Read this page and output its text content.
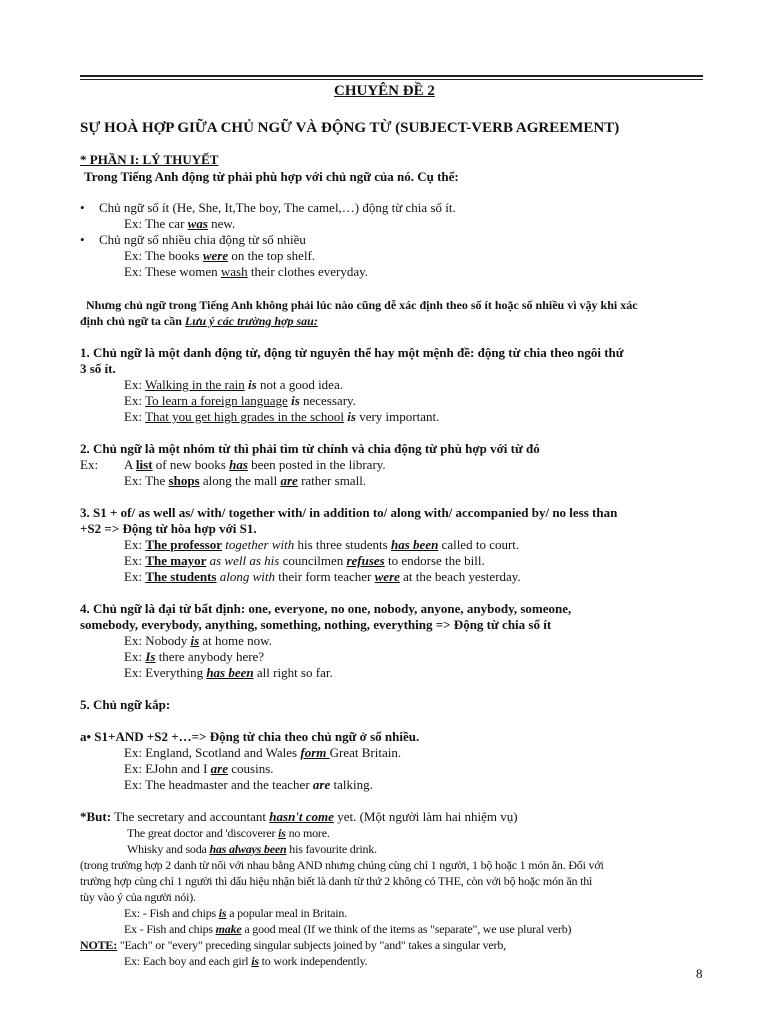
CHUYÊN ĐỀ 2
SỰ HOÀ HỢP GIỮA CHỦ NGỮ VÀ ĐỘNG TỪ (SUBJECT-VERB AGREEMENT)
* PHẦN I: LÝ THUYẾT
Trong Tiếng Anh động từ phải phù hợp với chủ ngữ của nó. Cụ thể:
• Chủ ngữ số ít (He, She, It,The boy, The camel,…) động từ chia số ít.
Ex: The car was new.
• Chủ ngữ số nhiều chia động từ số nhiều
Ex: The books were on the top shelf.
Ex: These women wash their clothes everyday.
Nhưng chủ ngữ trong Tiếng Anh không phải lúc nào cũng dễ xác định theo số ít hoặc số nhiều vì vậy khi xác
định chủ ngữ ta cần Lưu ý các trường hợp sau:
1. Chủ ngữ là một danh động từ, động từ nguyên thể hay một mệnh đề: động từ chia theo ngôi thứ
3 số ít.
Ex: Walking in the rain is not a good idea.
Ex: To learn a foreign language is necessary.
Ex: That you get high grades in the school is very important.
2. Chủ ngữ là một nhóm từ thì phải tìm từ chính và chia động từ phù hợp với từ đó
Ex: A list of new books has been posted in the library.
Ex: The shops along the mall are rather small.
3. S1 + of/ as well as/ with/ together with/ in addition to/ along with/ accompanied by/ no less than
+S2 => Động từ hòa hợp với S1.
Ex: The professor together with his three students has been called to court.
Ex: The mayor as well as his councilmen refuses to endorse the bill.
Ex: The students along with their form teacher were at the beach yesterday.
4. Chủ ngữ là đại từ bất định: one, everyone, no one, nobody, anyone, anybody, someone,
somebody, everybody, anything, something, nothing, everything => Động từ chia số ít
Ex: Nobody is at home now.
Ex: Is there anybody here?
Ex: Everything has been all right so far.
5. Chủ ngữ kắp:
a• S1+AND +S2 +…=> Động từ chia theo chủ ngữ ở số nhiều.
Ex: England, Scotland and Wales form Great Britain.
Ex: EJohn and I are cousins.
Ex: The headmaster and the teacher are talking.
*But: The secretary and accountant hasn't come yet. (Một người làm hai nhiệm vụ)
The great doctor and 'discoverer is no more.
Whisky and soda has always been his favourite drink.
(trong trường hợp 2 danh từ nối với nhau bằng AND nhưng chúng cùng chỉ 1 người, 1 bộ hoặc 1 món ăn. Đối với
trường hợp cùng chỉ 1 người thì dấu hiệu nhận biết là danh từ thứ 2 không có THE, còn với bộ hoặc món ăn thì
tùy vào ý của người nói).
Ex: - Fish and chips is a popular meal in Britain.
Ex - Fish and chips make a good meal (If we think of the items as "separate", we use plural verb)
NOTE: "Each" or "every" preceding singular subjects joined by "and" takes a singular verb,
Ex: Each boy and each girl is to work independently.
8
